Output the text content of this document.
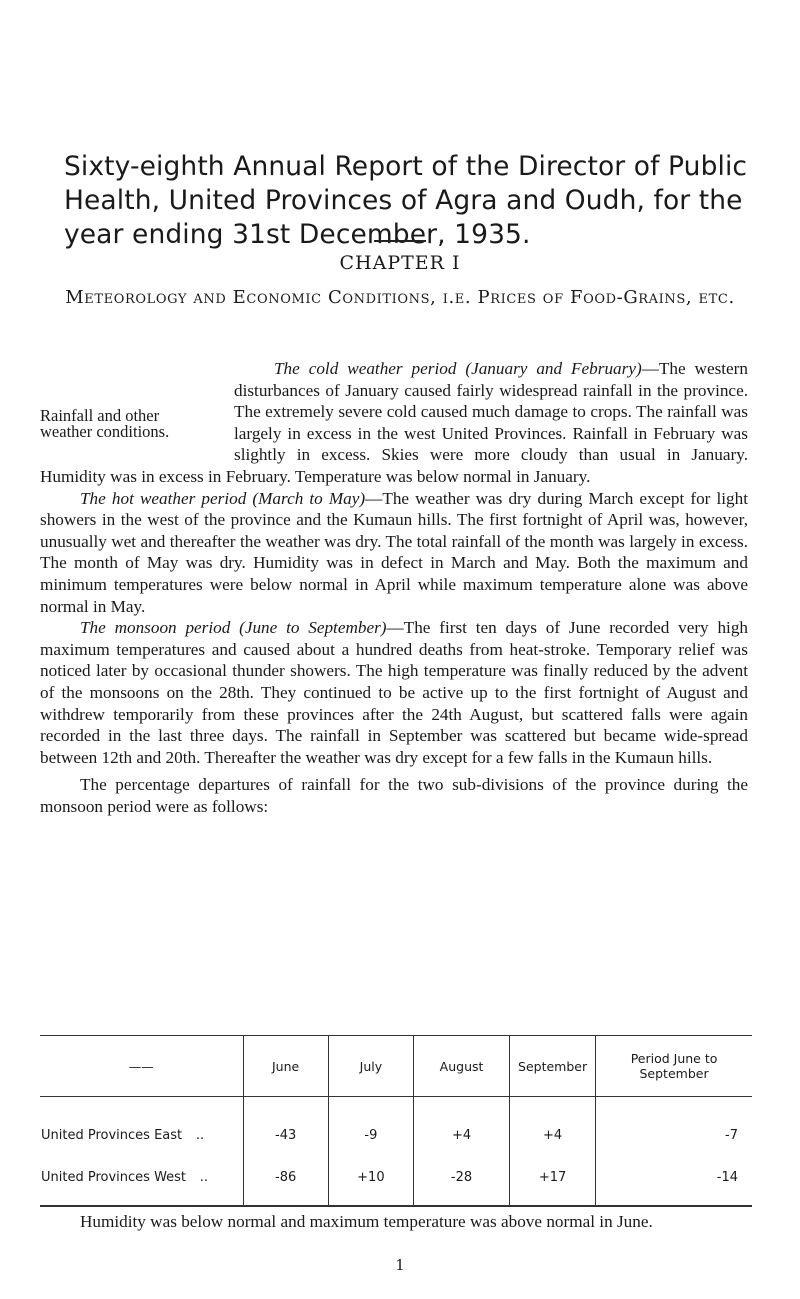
Sixty-eighth Annual Report of the Director of Public Health, United Provinces of Agra and Oudh, for the year ending 31st December, 1935.
CHAPTER I
Meteorology and Economic Conditions, i.e. Prices of Food-Grains, etc.

The cold weather period (January and February)—The western
disturbances of January caused fairly widespread rainfall in the province. The extremely severe cold caused much damage to crops. The rainfall was largely in excess in the west United Provinces. Rainfall in February was slightly in excess. Skies were more cloudy than usual in January. Humidity was in excess in February. Temperature was below normal in January.

The hot weather period (March to May)—The weather was dry during March except for light showers in the west of the province and the Kumaun hills. The first fortnight of April was, however, unusually wet and thereafter the weather was dry. The total rainfall of the month was largely in excess. The month of May was dry. Humidity was in defect in March and May. Both the maximum and minimum temperatures were below normal in April while maximum temperature alone was above normal in May.

The monsoon period (June to September)—The first ten days of June recorded very high maximum temperatures and caused about a hundred deaths from heat-stroke. Temporary relief was noticed later by occasional thunder showers. The high temperature was finally reduced by the advent of the monsoons on the 28th. They continued to be active up to the first fortnight of August and withdrew temporarily from these provinces after the 24th August, but scattered falls were again recorded in the last three days. The rainfall in September was scattered but became wide-spread between 12th and 20th. Thereafter the weather was dry except for a few falls in the Kumaun hills.

The percentage departures of rainfall for the two sub-divisions of the province during the monsoon period were as follows:

Rainfall and other weather conditions.
——	June	July	August	September	Period June to September
United Provinces East ..	-43	-9	+4	+4	-7
United Provinces West ..	-86	+10	-28	+17	-14

Humidity was below normal and maximum temperature was above normal in June.

1
